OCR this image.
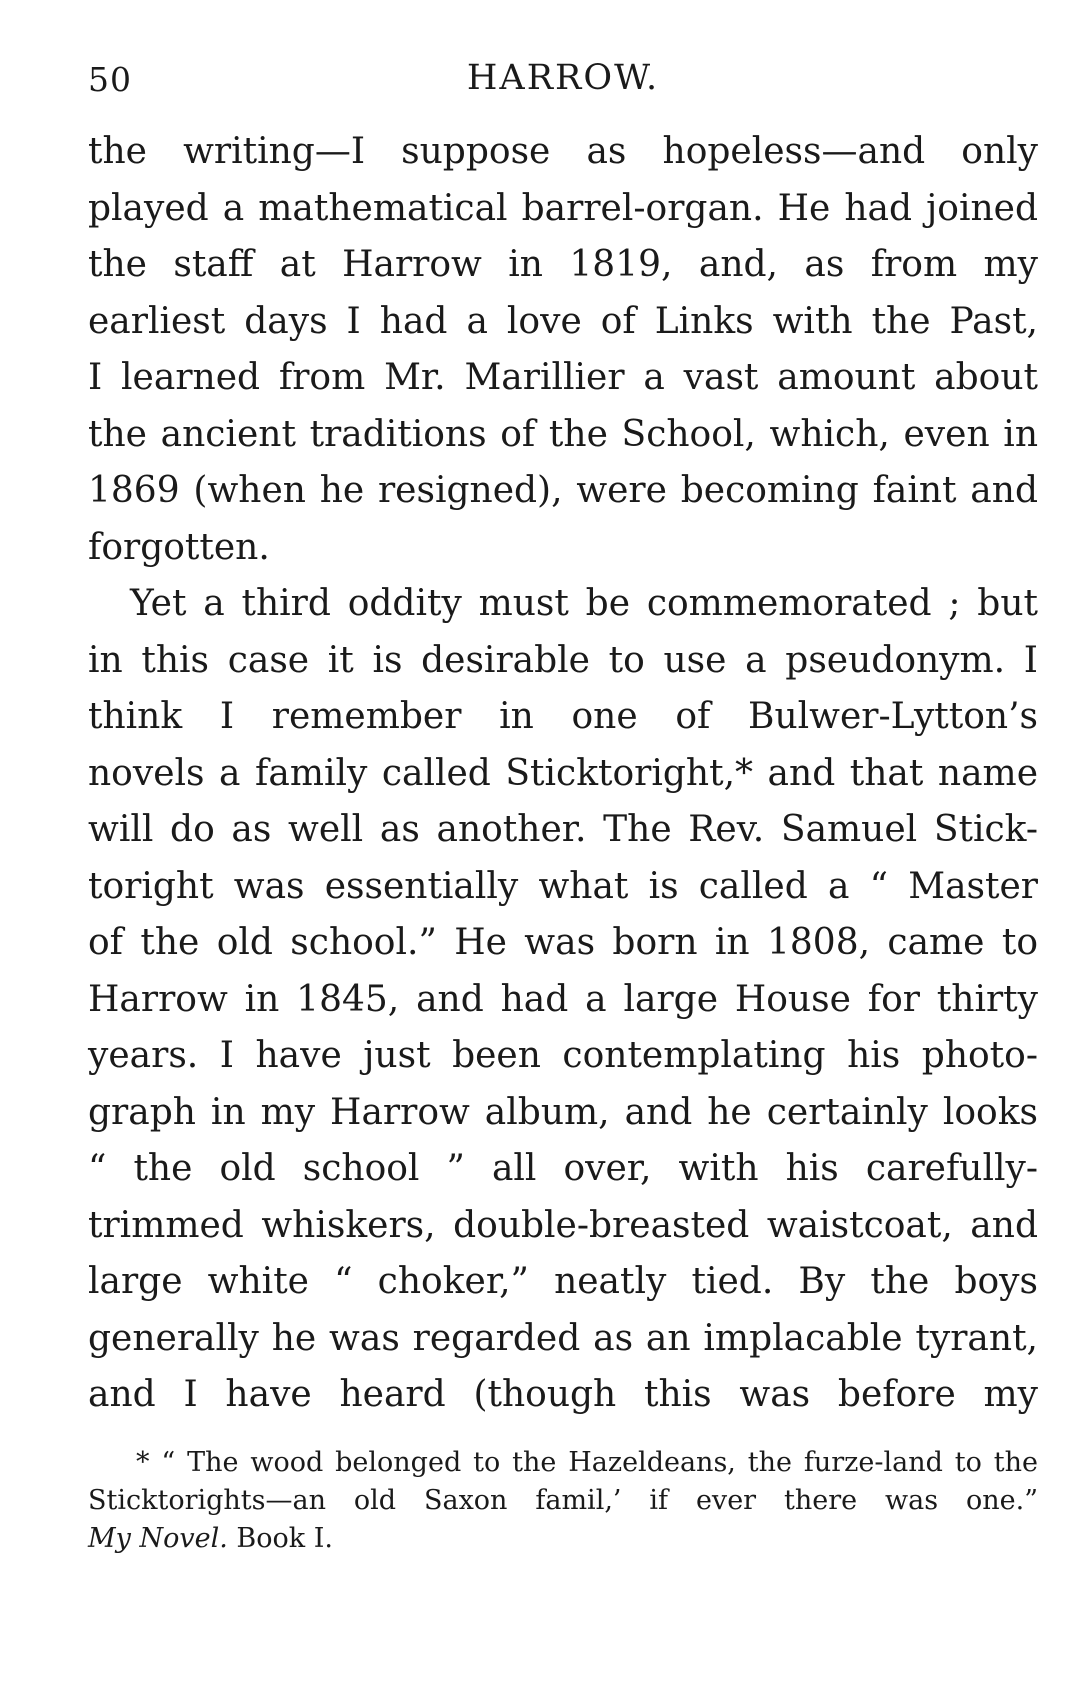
50	HARROW.
the writing—I suppose as hopeless—and only
played a mathematical barrel-organ. He had joined
the staff at Harrow in 1819, and, as from my
earliest days I had a love of Links with the Past,
I learned from Mr. Marillier a vast amount about
the ancient traditions of the School, which, even in
1869 (when he resigned), were becoming faint and
forgotten.
Yet a third oddity must be commemorated ; but
in this case it is desirable to use a pseudonym. I
think I remember in one of Bulwer-Lytton’s
novels a family called Sticktoright,* and that name
will do as well as another. The Rev. Samuel Stick-
toright was essentially what is called a “ Master
of the old school.” He was born in 1808, came to
Harrow in 1845, and had a large House for thirty
years. I have just been contemplating his photo-
graph in my Harrow album, and he certainly looks
“ the old school ” all over, with his carefully-
trimmed whiskers, double-breasted waistcoat, and
large white “ choker,” neatly tied. By the boys
generally he was regarded as an implacable tyrant,
and I have heard (though this was before my
* “ The wood belonged to the Hazeldeans, the furze-land to the
Sticktorights—an old Saxon famil,’ if ever there was one.”
My Novel. Book I.
